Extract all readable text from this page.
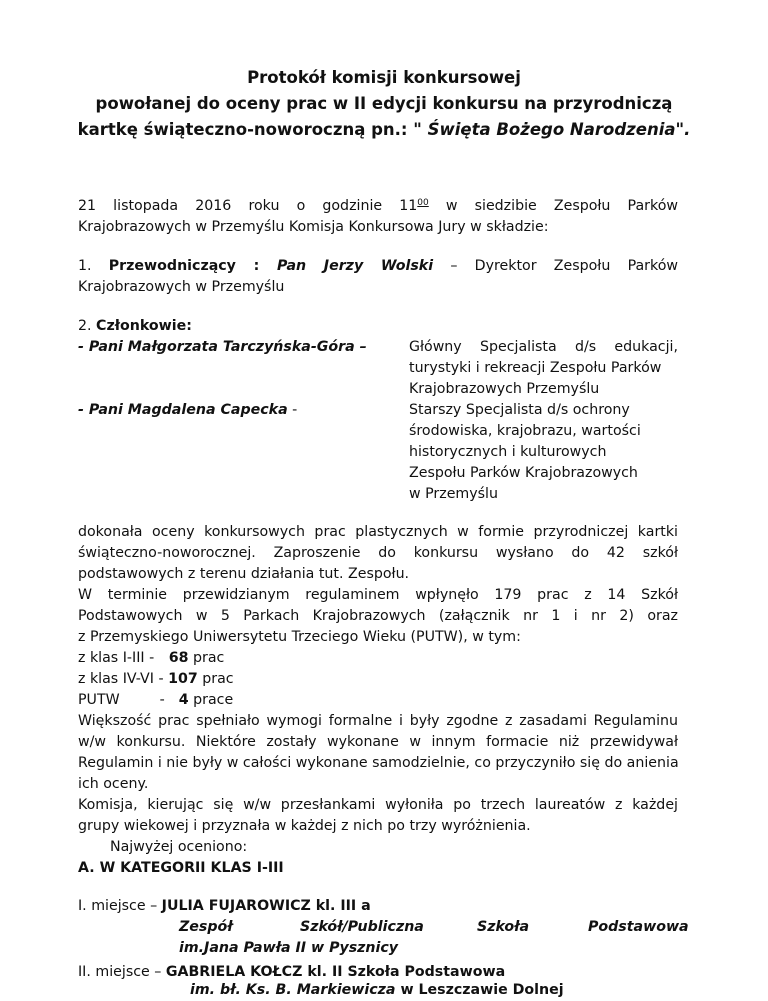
Protokół komisji konkursowej
powołanej do oceny prac w II edycji konkursu na przyrodniczą
kartkę świąteczno-noworoczną pn.: " Święta Bożego Narodzenia".
21 listopada 2016 roku o godzinie $11^{00}$ w siedzibie Zespołu Parków
Krajobrazowych w Przemyślu Komisja Konkursowa Jury w składzie:
1. Przewodniczący : Pan Jerzy Wolski – Dyrektor Zespołu Parków
Krajobrazowych w Przemyślu
2. Członkowie:
- Pani Małgorzata Tarczyńska-Góra –	Główny Specjalista d/s edukacji,
turystyki i rekreacji Zespołu Parków
Krajobrazowych Przemyślu
- Pani Magdalena Capecka -	Starszy Specjalista d/s ochrony
środowiska, krajobrazu, wartości
historycznych i kulturowych
Zespołu Parków Krajobrazowych
w Przemyślu
dokonała oceny konkursowych prac plastycznych w formie przyrodniczej kartki
świąteczno-noworocznej. Zaproszenie do konkursu wysłano do 42 szkół
podstawowych z terenu działania tut. Zespołu.
W terminie przewidzianym regulaminem wpłynęło 179 prac z 14 Szkół
Podstawowych w 5 Parkach Krajobrazowych (załącznik nr 1 i nr 2) oraz
z Przemyskiego Uniwersytetu Trzeciego Wieku (PUTW), w tym:
z klas I-III - 68 prac
z klas IV-VI - 107 prac
PUTW	- 4 prace
Większość prac spełniało wymogi formalne i były zgodne z zasadami Regulaminu
w/w konkursu. Niektóre zostały wykonane w innym formacie niż przewidywał
Regulamin i nie były w całości wykonane samodzielnie, co przyczyniło się do anienia
ich oceny.
Komisja, kierując się w/w przesłankami wyłoniła po trzech laureatów z każdej
grupy wiekowej i przyznała w każdej z nich po trzy wyróżnienia.
Najwyżej oceniono:
A. W KATEGORII KLAS I-III
I. miejsce – JULIA FUJAROWICZ kl. III a
Zespół	Szkół/Publiczna	Szkoła	Podstawowa
im.Jana Pawła II w Pysznicy
II. miejsce – GABRIELA KOŁCZ kl. II Szkoła Podstawowa
im. bł. Ks. B. Markiewicza w Leszczawie Dolnej
